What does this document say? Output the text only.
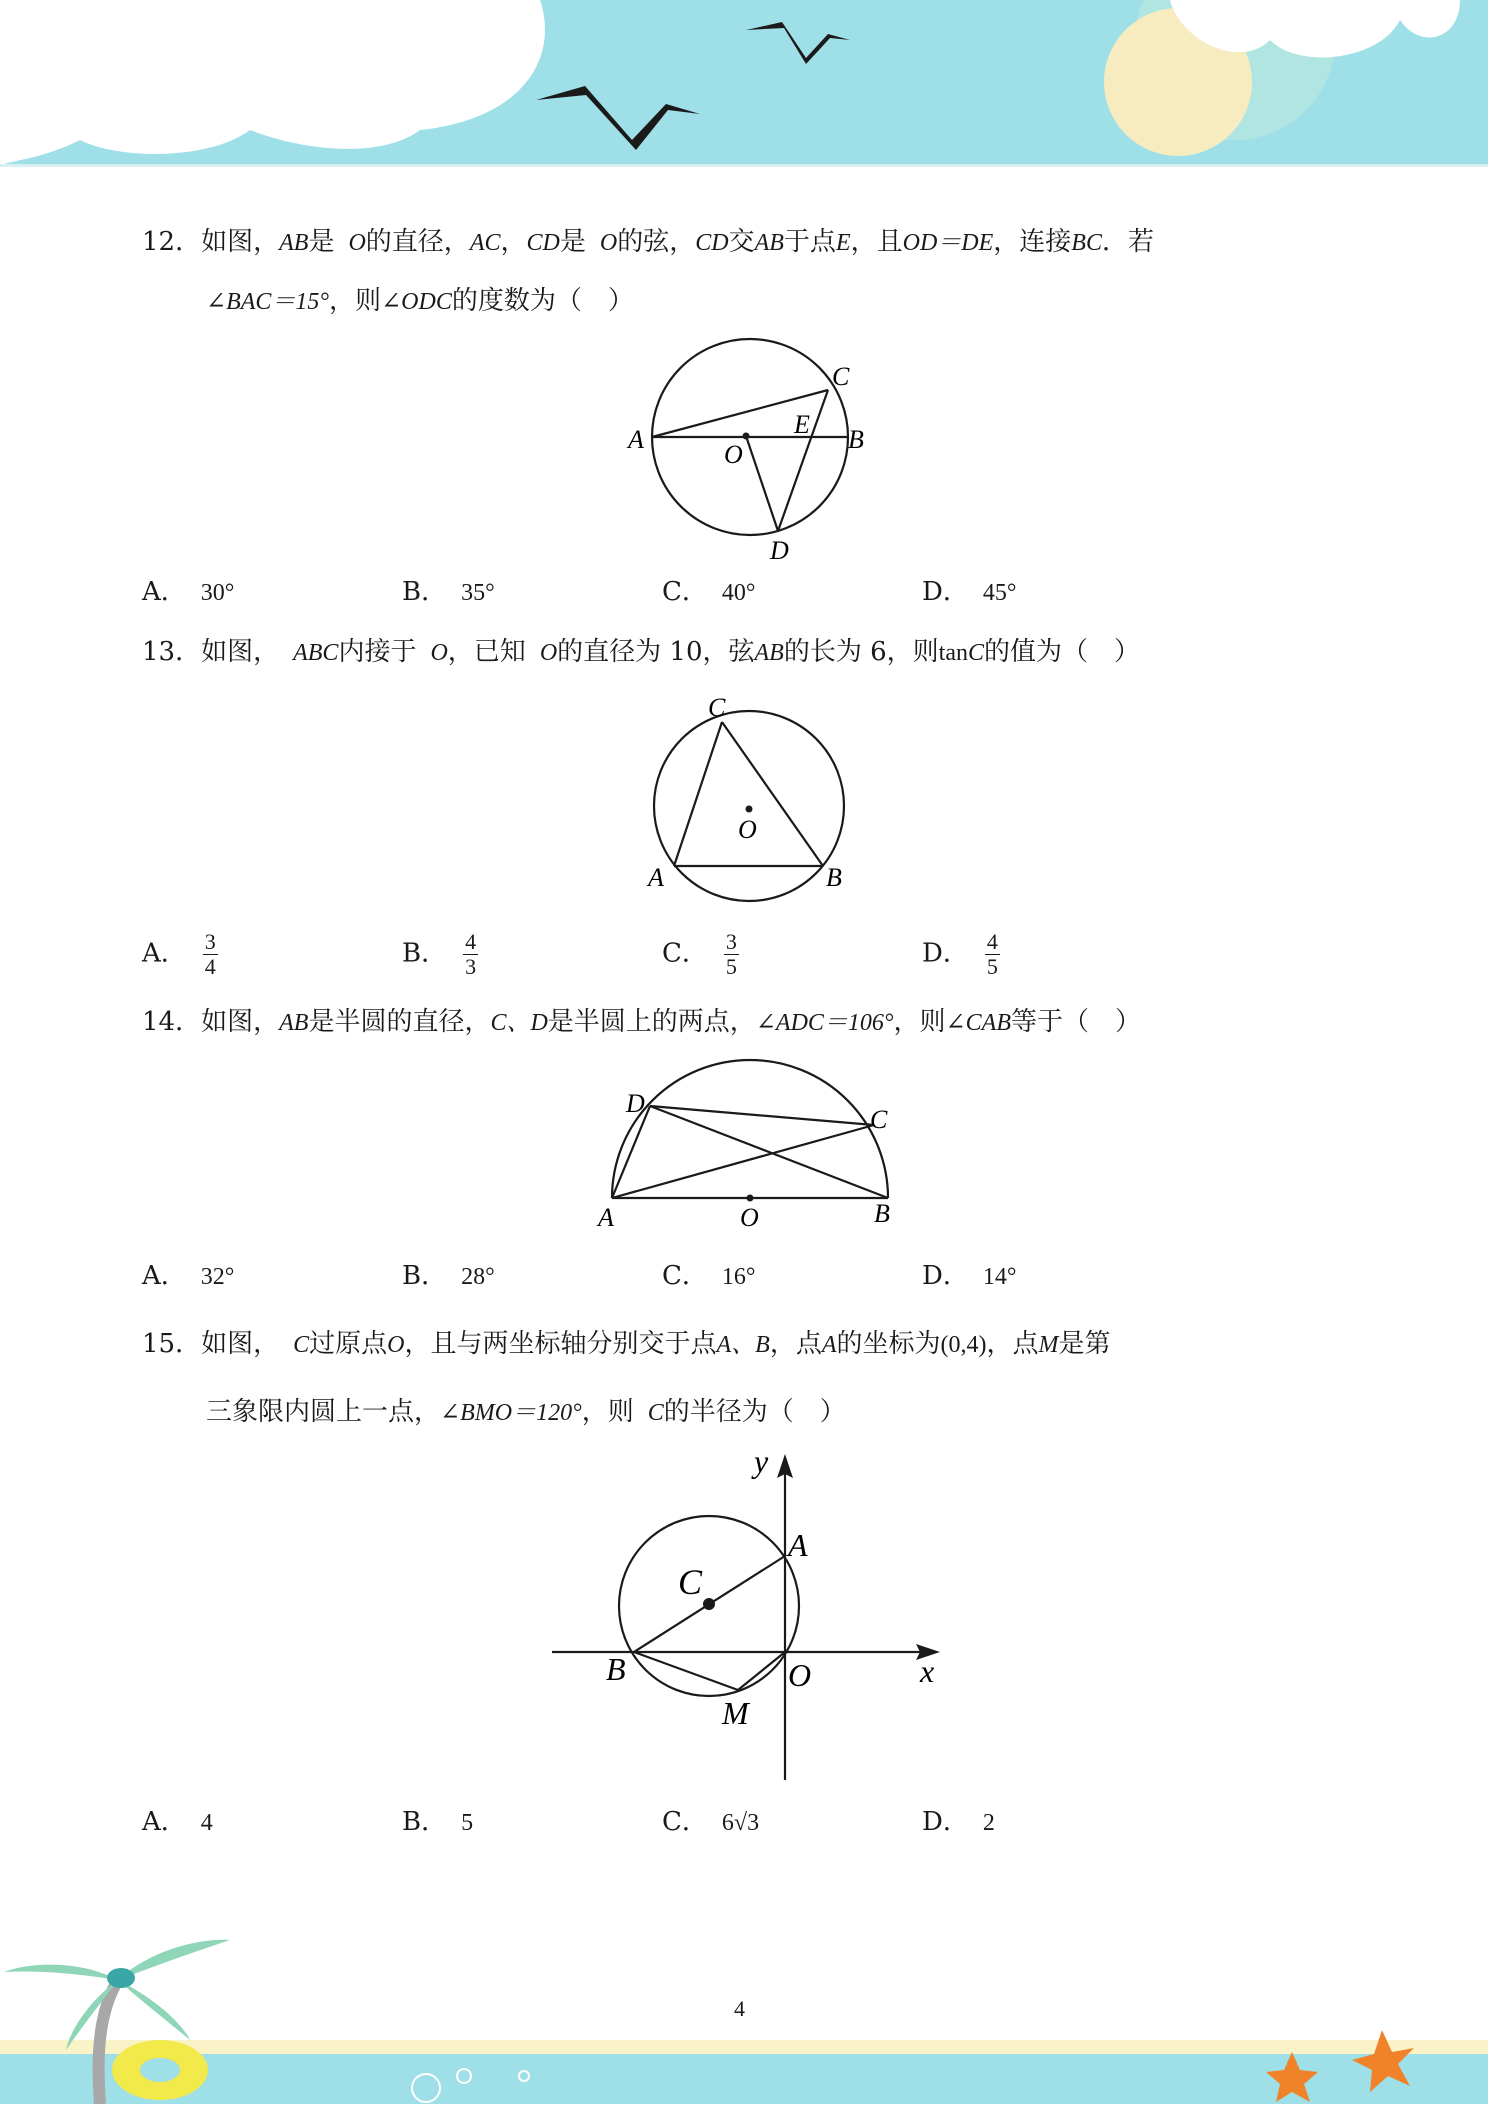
12．如图，AB是 O的直径，AC，CD是 O的弦，CD交AB于点E，且OD＝DE，连接BC．若
∠BAC＝15°，则∠ODC的度数为（　）
A	B
C
D
E
O
A． 30°	B． 35°	C． 40°	D． 45°
13．如图， ABC内接于 O，已知 O的直径为 10，弦AB的长为 6，则tanC的值为（　）
C
A	B
O
A． $\frac{3}{4}$	B． $\frac{4}{3}$	C． $\frac{3}{5}$	D． $\frac{4}{5}$
14．如图，AB是半圆的直径，C、D是半圆上的两点，∠ADC＝106°，则∠CAB等于（　）
D
C
A	O	B
A． 32°	B． 28°	C． 16°	D． 14°
15．如图， C过原点O，且与两坐标轴分别交于点A、B，点A的坐标为(0,4)，点M是第
三象限内圆上一点，∠BMO＝120°，则 C的半径为（　）
y
x
A
C
B	O
M
A． 4	B． 5	C． 6√3	D． 2
4
